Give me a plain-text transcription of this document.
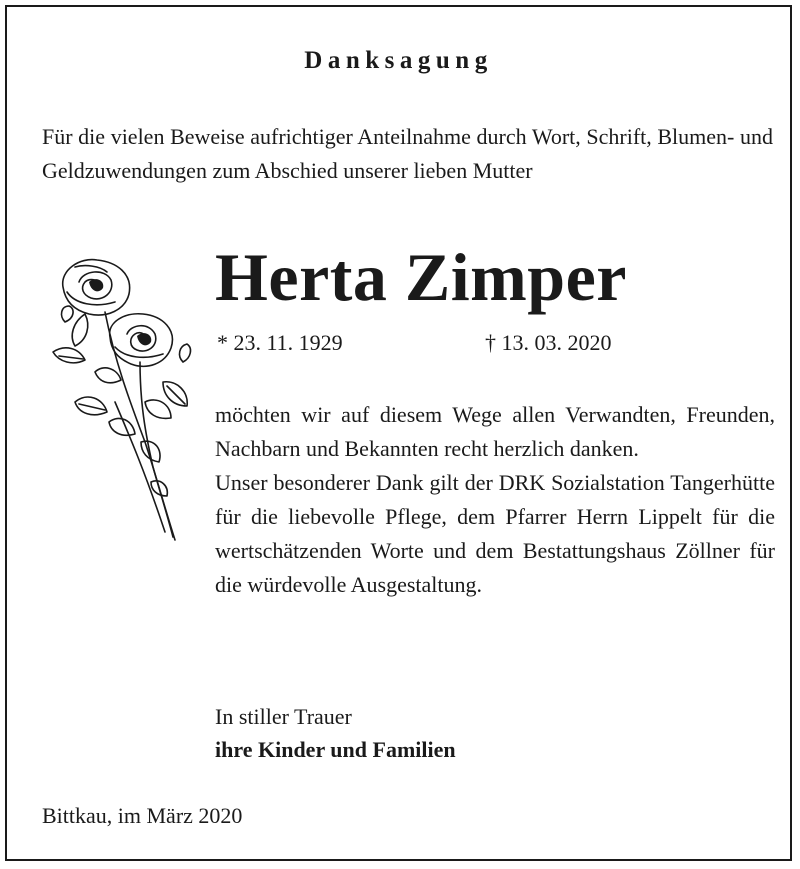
Danksagung
Für die vielen Beweise aufrichtiger Anteilnahme durch Wort, Schrift, Blumen- und Geldzuwendungen zum Abschied unserer lieben Mutter
Herta Zimper
* 23. 11. 1929	† 13. 03. 2020

möchten wir auf diesem Wege allen Verwandten, Freunden, Nachbarn und Bekannten recht herzlich danken.

Unser besonderer Dank gilt der DRK Sozialstation Tangerhütte für die liebevolle Pflege, dem Pfarrer Herrn Lippelt für die wertschätzenden Worte und dem Bestattungshaus Zöllner für die würdevolle Ausgestaltung.

In stiller Trauer
ihre Kinder und Familien
Bittkau, im März 2020
